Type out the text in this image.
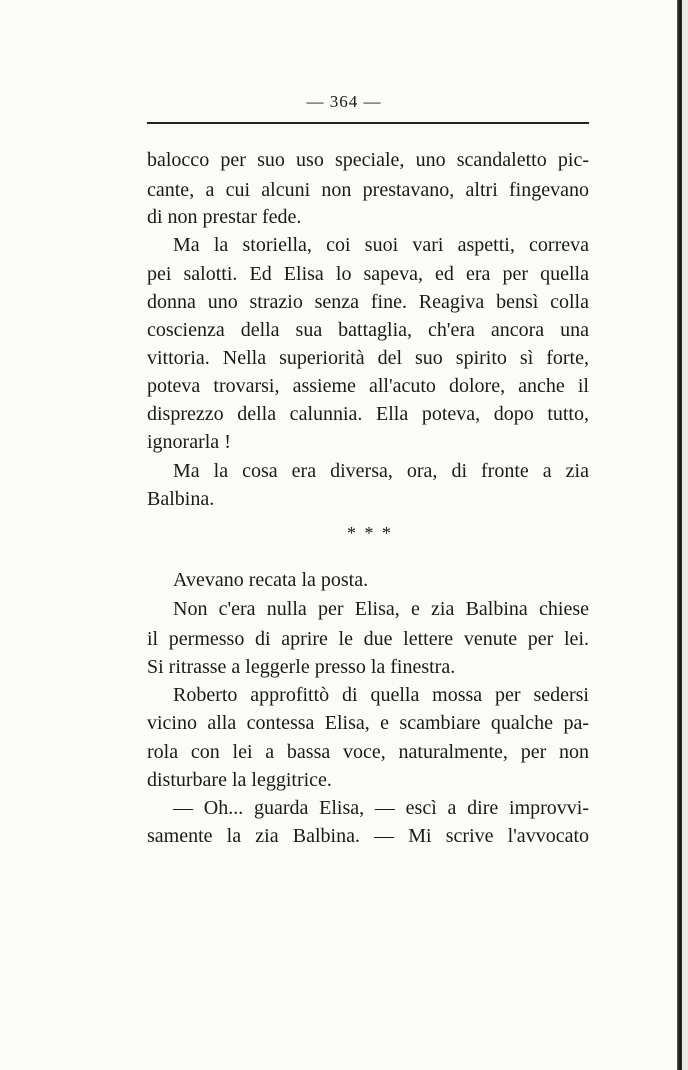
— 364 —
balocco per suo uso speciale, uno scandaletto pic-
cante, a cui alcuni non prestavano, altri fingevano
di non prestar fede.
Ma la storiella, coi suoi vari aspetti, correva
pei salotti. Ed Elisa lo sapeva, ed era per quella
donna uno strazio senza fine. Reagiva bensì colla
coscienza della sua battaglia, ch'era ancora una
vittoria. Nella superiorità del suo spirito sì forte,
poteva trovarsi, assieme all'acuto dolore, anche il
disprezzo della calunnia. Ella poteva, dopo tutto,
ignorarla !
Ma la cosa era diversa, ora, di fronte a zia
Balbina.
* * *
Avevano recata la posta.
Non c'era nulla per Elisa, e zia Balbina chiese
il permesso di aprire le due lettere venute per lei.
Si ritrasse a leggerle presso la finestra.
Roberto approfittò di quella mossa per sedersi
vicino alla contessa Elisa, e scambiare qualche pa-
rola con lei a bassa voce, naturalmente, per non
disturbare la leggitrice.
— Oh... guarda Elisa, — escì a dire improvvi-
samente la zia Balbina. — Mi scrive l'avvocato
